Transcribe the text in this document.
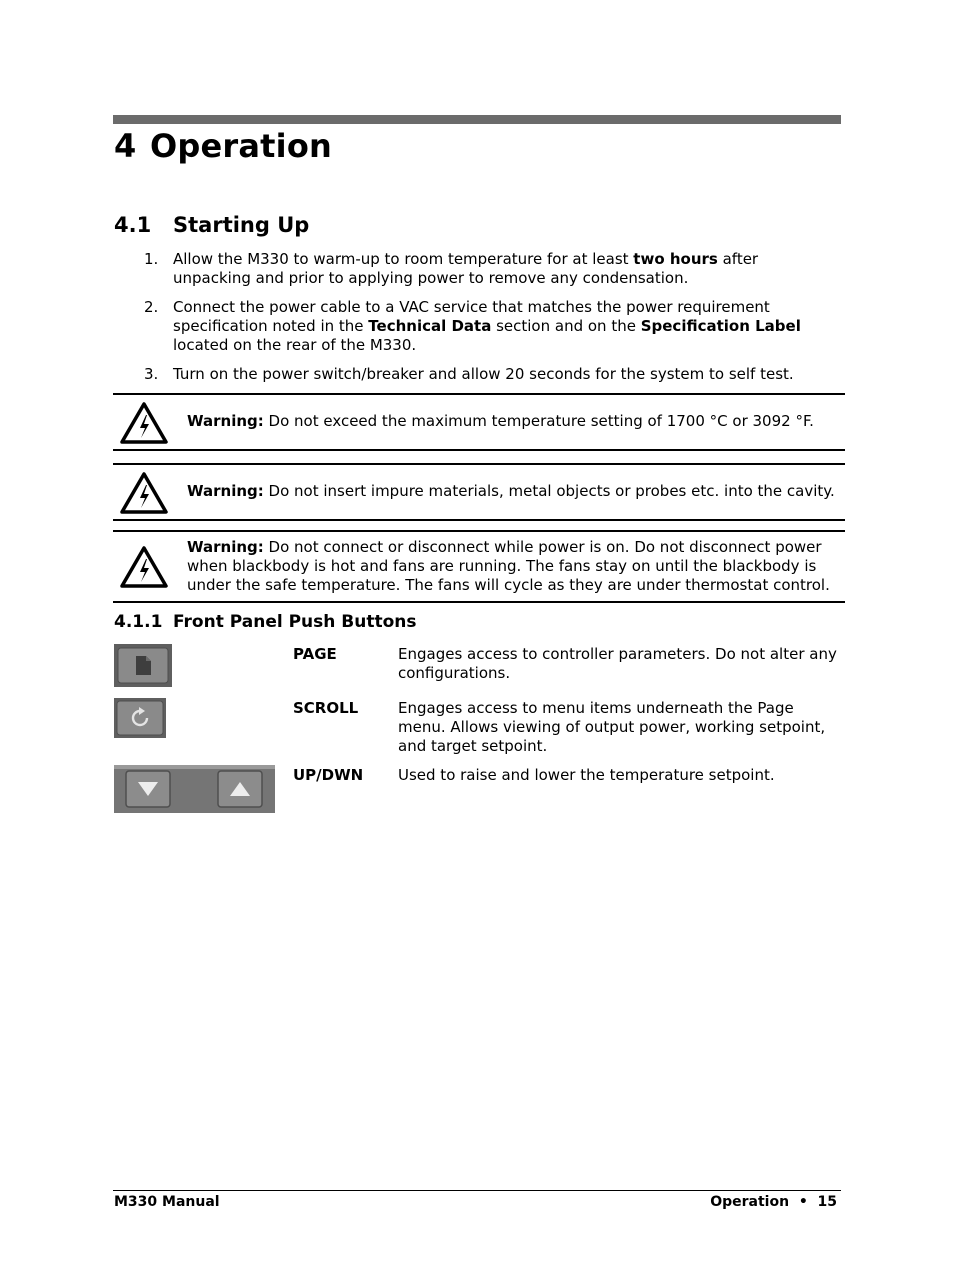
4 Operation
4.1 Starting Up
1. Allow the M330 to warm-up to room temperature for at least two hours after unpacking and prior to applying power to remove any condensation.
2. Connect the power cable to a VAC service that matches the power requirement specification noted in the Technical Data section and on the Specification Label located on the rear of the M330.
3. Turn on the power switch/breaker and allow 20 seconds for the system to self test.
Warning: Do not exceed the maximum temperature setting of 1700 °C or 3092 °F.
Warning: Do not insert impure materials, metal objects or probes etc. into the cavity.
Warning: Do not connect or disconnect while power is on. Do not disconnect power when blackbody is hot and fans are running. The fans stay on until the blackbody is under the safe temperature. The fans will cycle as they are under thermostat control.
4.1.1 Front Panel Push Buttons
PAGE	Engages access to controller parameters. Do not alter any configurations.
SCROLL	Engages access to menu items underneath the Page menu. Allows viewing of output power, working setpoint, and target setpoint.
UP/DWN Used to raise and lower the temperature setpoint.
M330 Manual	Operation • 15
